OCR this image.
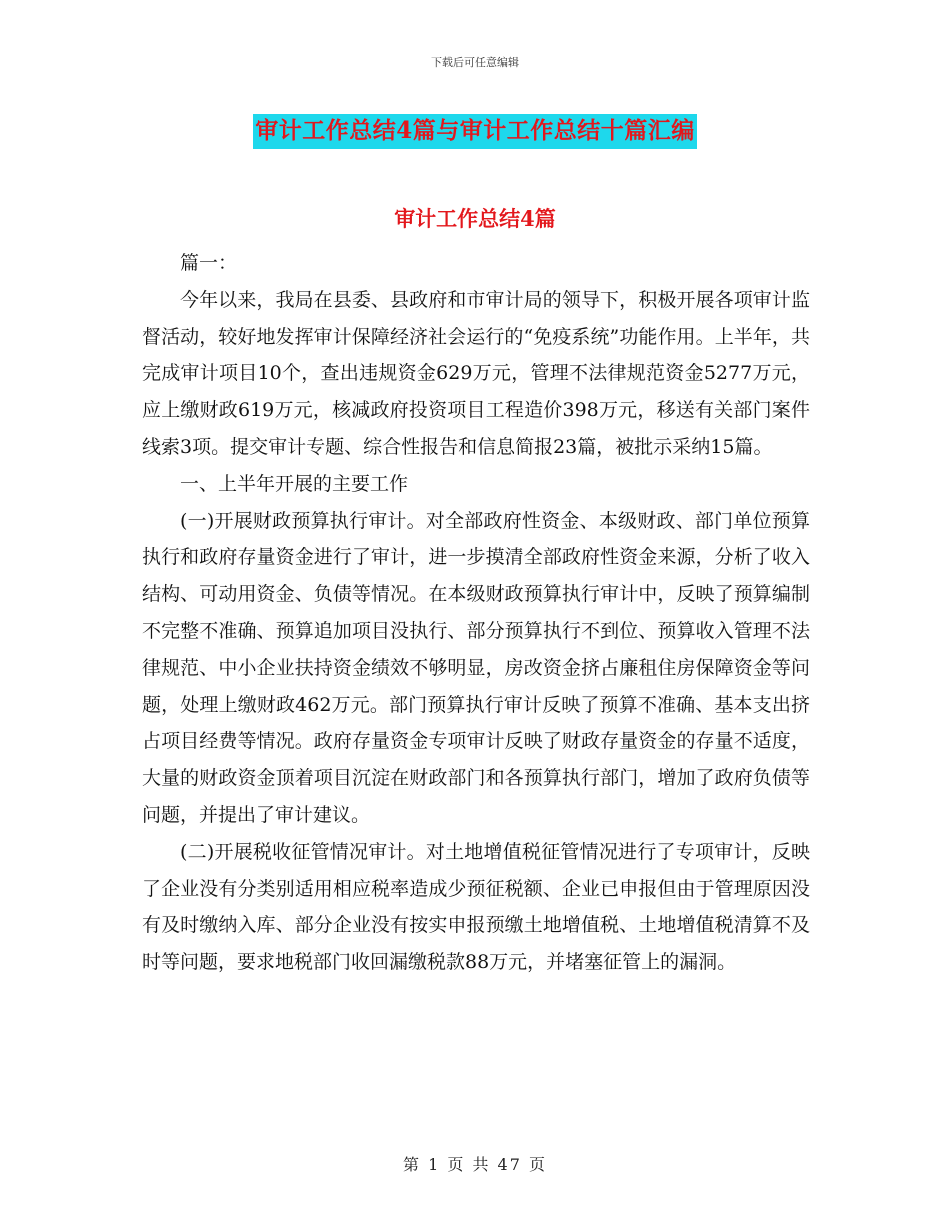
下载后可任意编辑
审计工作总结4篇与审计工作总结十篇汇编
审计工作总结4篇

篇一：

今年以来，我局在县委、县政府和市审计局的领导下，积极开展各项审计监督活动，较好地发挥审计保障经济社会运行的“免疫系统”功能作用。上半年，共完成审计项目10个，查出违规资金629万元，管理不法律规范资金5277万元，应上缴财政619万元，核减政府投资项目工程造价398万元，移送有关部门案件线索3项。提交审计专题、综合性报告和信息简报23篇，被批示采纳15篇。

一、上半年开展的主要工作

(一)开展财政预算执行审计。对全部政府性资金、本级财政、部门单位预算执行和政府存量资金进行了审计，进一步摸清全部政府性资金来源，分析了收入结构、可动用资金、负债等情况。在本级财政预算执行审计中，反映了预算编制不完整不准确、预算追加项目没执行、部分预算执行不到位、预算收入管理不法律规范、中小企业扶持资金绩效不够明显，房改资金挤占廉租住房保障资金等问题，处理上缴财政462万元。部门预算执行审计反映了预算不准确、基本支出挤占项目经费等情况。政府存量资金专项审计反映了财政存量资金的存量不适度，大量的财政资金顶着项目沉淀在财政部门和各预算执行部门，增加了政府负债等问题，并提出了审计建议。

(二)开展税收征管情况审计。对土地增值税征管情况进行了专项审计，反映了企业没有分类别适用相应税率造成少预征税额、企业已申报但由于管理原因没有及时缴纳入库、部分企业没有按实申报预缴土地增值税、土地增值税清算不及时等问题，要求地税部门收回漏缴税款88万元，并堵塞征管上的漏洞。

第 1 页 共 47 页
